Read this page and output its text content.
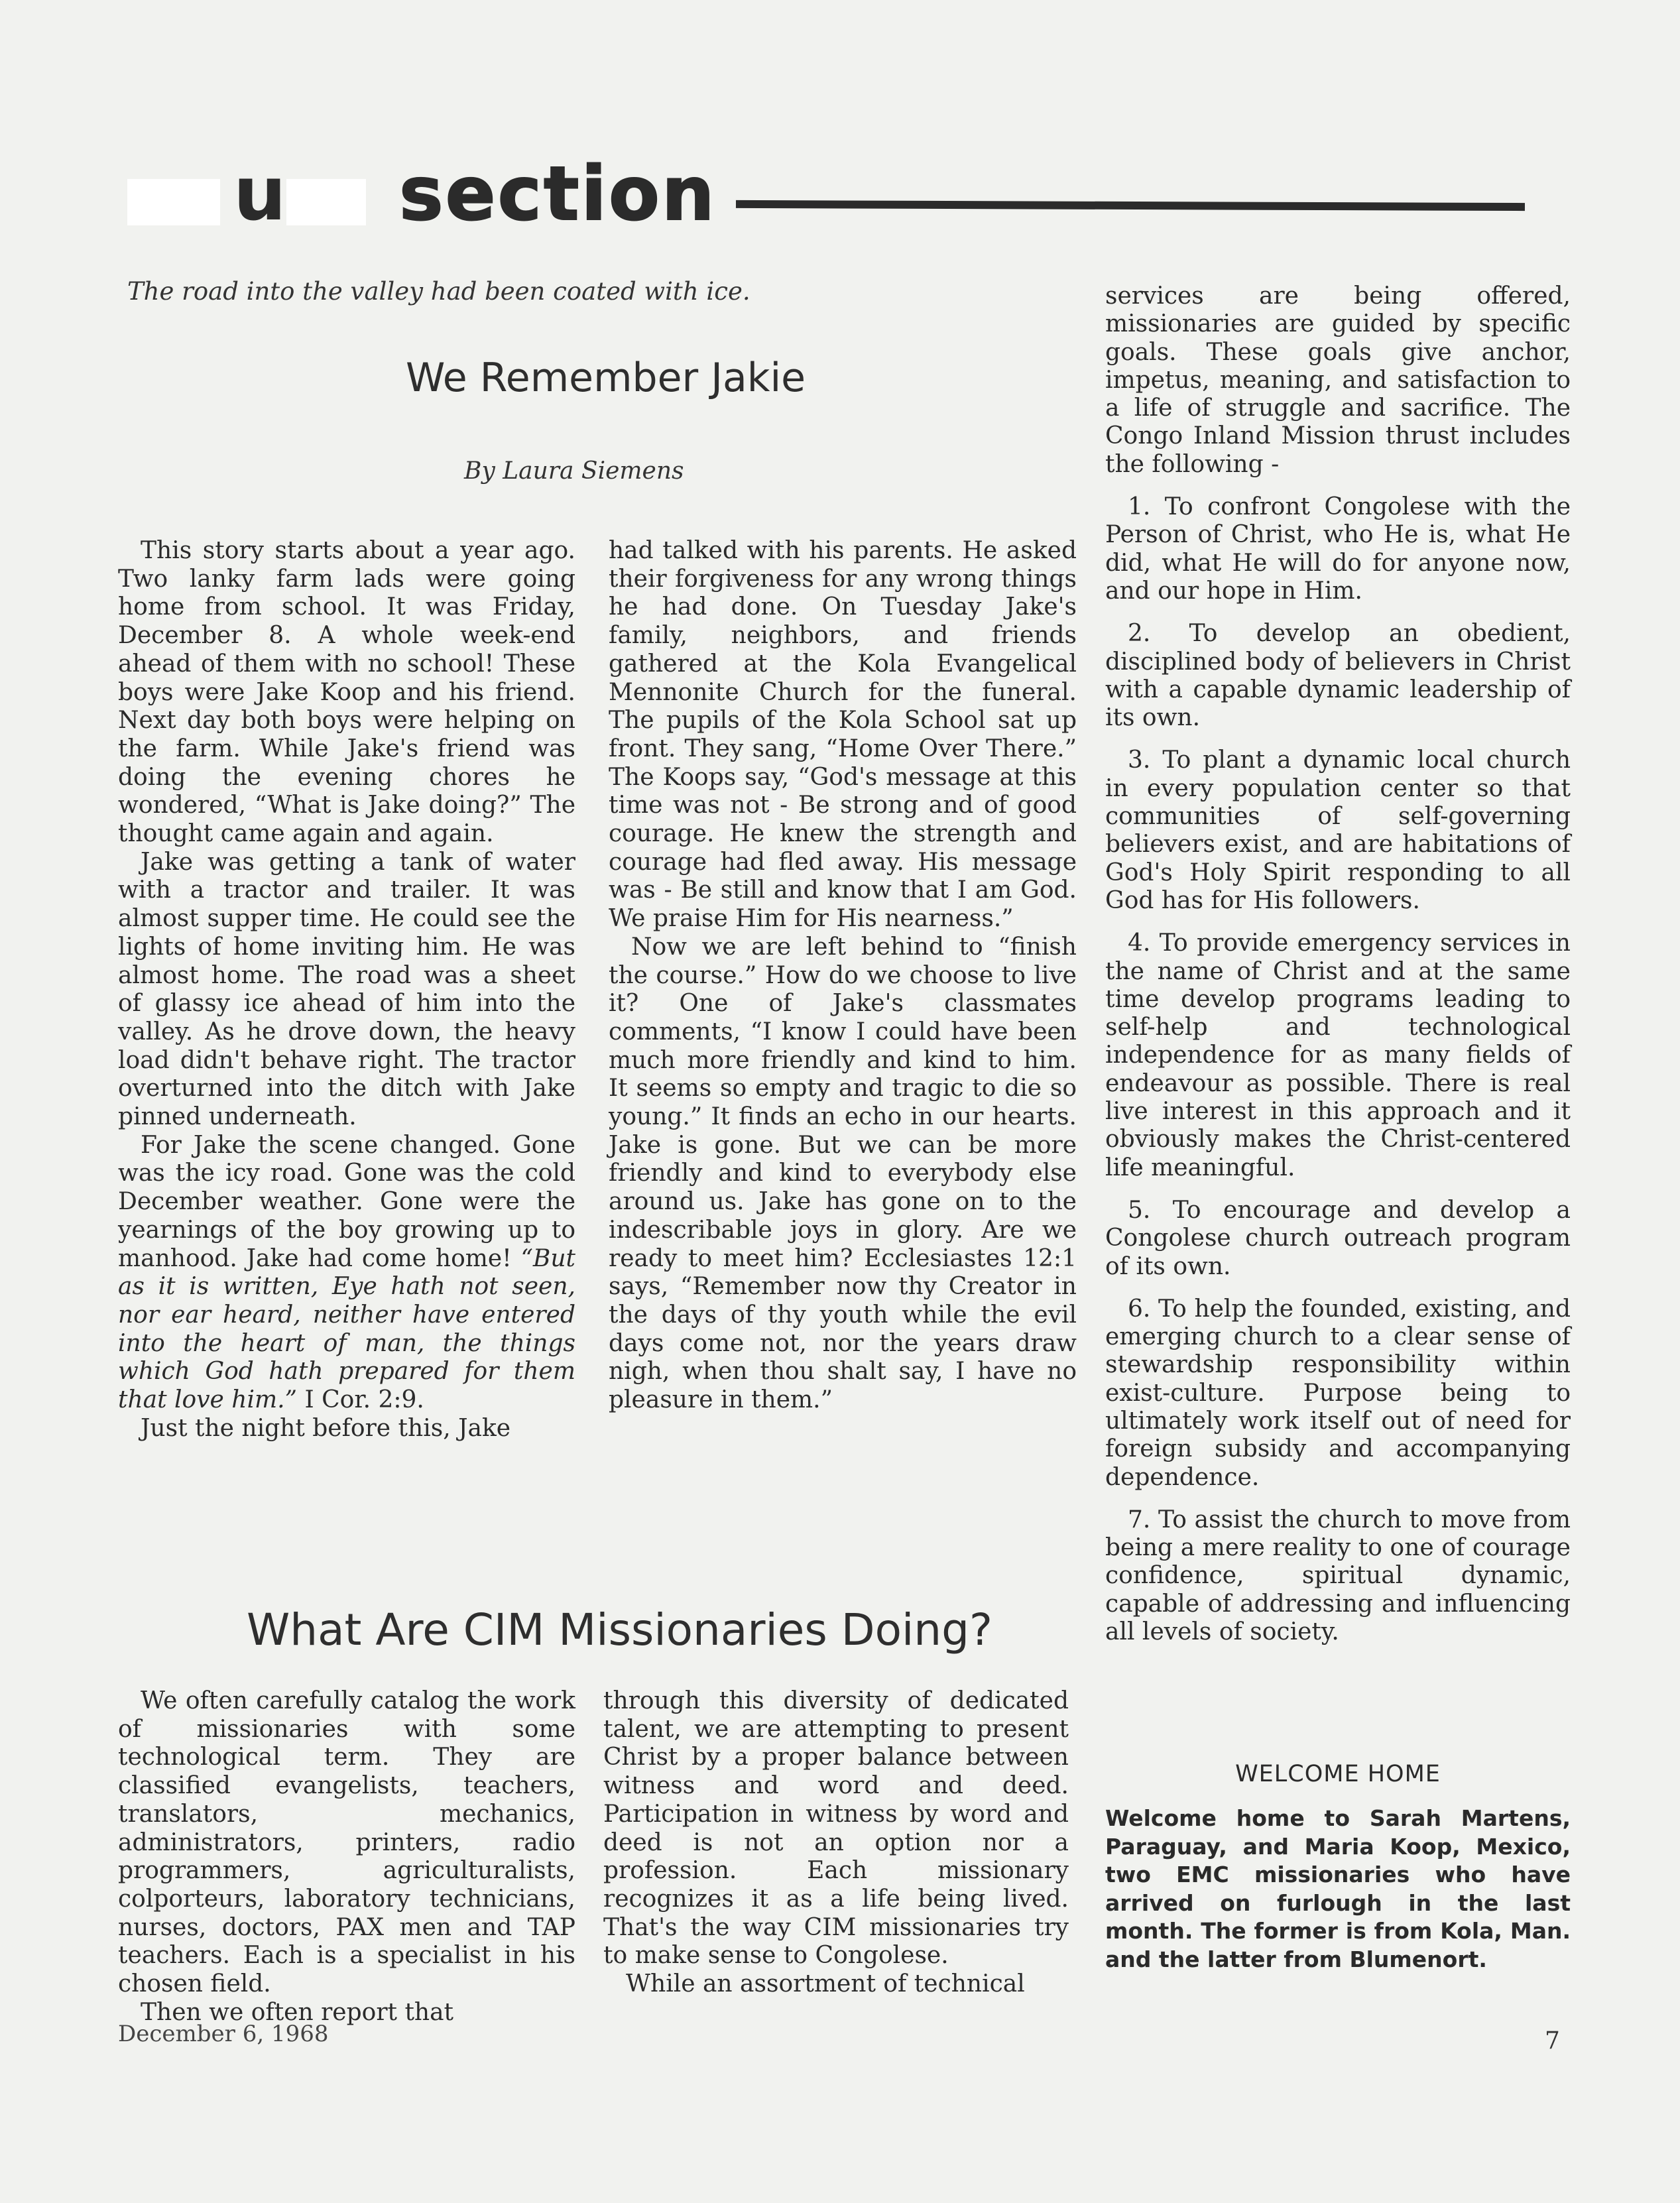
u section
The road into the valley had been coated with ice.
We Remember Jakie
By Laura Siemens

This story starts about a year ago. Two lanky farm lads were going home from school. It was Friday, December 8. A whole week-end ahead of them with no school! These boys were Jake Koop and his friend. Next day both boys were helping on the farm. While Jake's friend was doing the evening chores he wondered, “What is Jake doing?” The thought came again and again.

Jake was getting a tank of water with a tractor and trailer. It was almost supper time. He could see the lights of home inviting him. He was almost home. The road was a sheet of glassy ice ahead of him into the valley. As he drove down, the heavy load didn't behave right. The tractor overturned into the ditch with Jake pinned underneath.

For Jake the scene changed. Gone was the icy road. Gone was the cold December weather. Gone were the yearnings of the boy growing up to manhood. Jake had come home! “But as it is written, Eye hath not seen, nor ear heard, neither have entered into the heart of man, the things which God hath prepared for them that love him.” I Cor. 2:9.

Just the night before this, Jake

had talked with his parents. He asked their forgiveness for any wrong things he had done. On Tuesday Jake's family, neighbors, and friends gathered at the Kola Evangelical Mennonite Church for the funeral. The pupils of the Kola School sat up front. They sang, “Home Over There.” The Koops say, “God's message at this time was not - Be strong and of good courage. He knew the strength and courage had fled away. His message was - Be still and know that I am God. We praise Him for His nearness.”

Now we are left behind to “finish the course.” How do we choose to live it? One of Jake's classmates comments, “I know I could have been much more friendly and kind to him. It seems so empty and tragic to die so young.” It finds an echo in our hearts. Jake is gone. But we can be more friendly and kind to everybody else around us. Jake has gone on to the indescribable joys in glory. Are we ready to meet him? Ecclesiastes 12:1 says, “Remember now thy Creator in the days of thy youth while the evil days come not, nor the years draw nigh, when thou shalt say, I have no pleasure in them.”

services are being offered, missionaries are guided by specific goals. These goals give anchor, impetus, meaning, and satisfaction to a life of struggle and sacrifice. The Congo Inland Mission thrust includes the following -

1. To confront Congolese with the Person of Christ, who He is, what He did, what He will do for anyone now, and our hope in Him.

2. To develop an obedient, disciplined body of believers in Christ with a capable dynamic leadership of its own.

3. To plant a dynamic local church in every population center so that communities of self-governing believers exist, and are habitations of God's Holy Spirit responding to all God has for His followers.

4. To provide emergency services in the name of Christ and at the same time develop programs leading to self-help and technological independence for as many fields of endeavour as possible. There is real live interest in this approach and it obviously makes the Christ-centered life meaningful.

5. To encourage and develop a Congolese church outreach program of its own.

6. To help the founded, existing, and emerging church to a clear sense of stewardship responsibility within exist-culture. Purpose being to ultimately work itself out of need for foreign subsidy and accompanying dependence.

7. To assist the church to move from being a mere reality to one of courage confidence, spiritual dynamic, capable of addressing and influencing all levels of society.

What Are CIM Missionaries Doing?

We often carefully catalog the work of missionaries with some technological term. They are classified evangelists, teachers, translators, mechanics, administrators, printers, radio programmers, agriculturalists, colporteurs, laboratory technicians, nurses, doctors, PAX men and TAP teachers. Each is a specialist in his chosen field.

Then we often report that

through this diversity of dedicated talent, we are attempting to present Christ by a proper balance between witness and word and deed. Participation in witness by word and deed is not an option nor a profession. Each missionary recognizes it as a life being lived. That's the way CIM missionaries try to make sense to Congolese.

While an assortment of technical

WELCOME HOME
Welcome home to Sarah Martens, Paraguay, and Maria Koop, Mexico, two EMC missionaries who have arrived on furlough in the last month. The former is from Kola, Man. and the latter from Blumenort.
December 6, 1968	7
